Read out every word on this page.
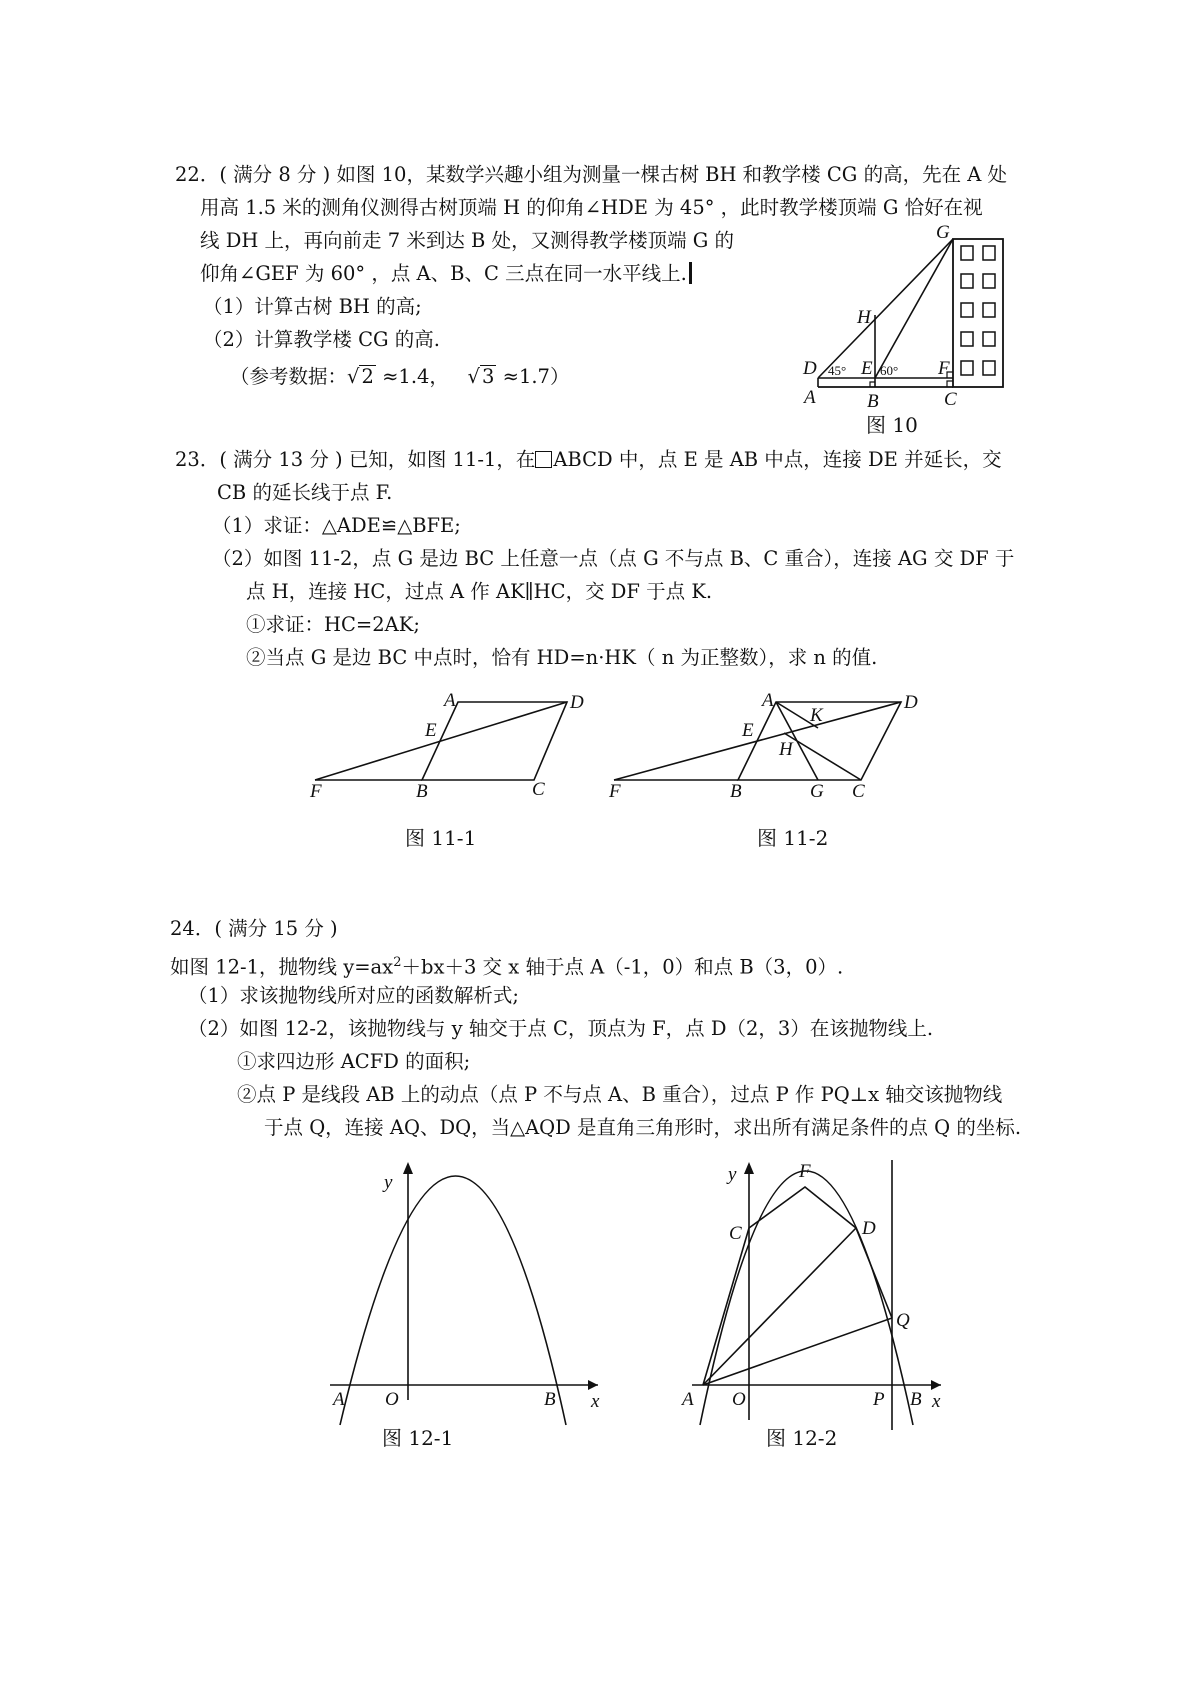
22．( 满分 8 分 ) 如图 10，某数学兴趣小组为测量一棵古树 BH 和教学楼 CG 的高，先在 A 处
用高 1.5 米的测角仪测得古树顶端 H 的仰角∠HDE 为 45° ，此时教学楼顶端 G 恰好在视
线 DH 上，再向前走 7 米到达 B 处，又测得教学楼顶端 G 的
仰角∠GEF 为 60° ，点 A、B、C 三点在同一水平线上.
（1）计算古树 BH 的高;
（2）计算教学楼 CG 的高.
（参考数据：√ 2 ≈1.4， √ 3 ≈1.7）
G
H
D E	F
A	B	C
45°	60°
图 10
23．( 满分 13 分 ) 已知，如图 11-1，在 ABCD 中，点 E 是 AB 中点，连接 DE 并延长，交
CB 的延长线于点 F.
（1）求证：△ADE≌△BFE;
（2）如图 11-2，点 G 是边 BC 上任意一点（点 G 不与点 B、C 重合），连接 AG 交 DF 于
点 H，连接 HC，过点 A 作 AK∥HC，交 DF 于点 K.
①求证：HC=2AK;
②当点 G 是边 BC 中点时，恰有 HD=n·HK（ n 为正整数），求 n 的值.
A	D
E
F	B	C
图 11-1
A	D
K
E
H
F	B	G C
图 11-2
24．( 满分 15 分 )
如图 12-1，抛物线 $y=ax^2+bx+3$ 交 x 轴于点 A（-1，0）和点 B（3，0）.
（1）求该抛物线所对应的函数解析式;
（2）如图 12-2，该抛物线与 y 轴交于点 C，顶点为 F，点 D（2，3）在该抛物线上.
①求四边形 ACFD 的面积;
②点 P 是线段 AB 上的动点（点 P 不与点 A、B 重合），过点 P 作 PQ⊥x 轴交该抛物线
于点 Q，连接 AQ、DQ，当△AQD 是直角三角形时，求出所有满足条件的点 Q 的坐标.
y
x
A O	B
图 12-1
y	F
C	D
Q
x
A O	P B
图 12-2
